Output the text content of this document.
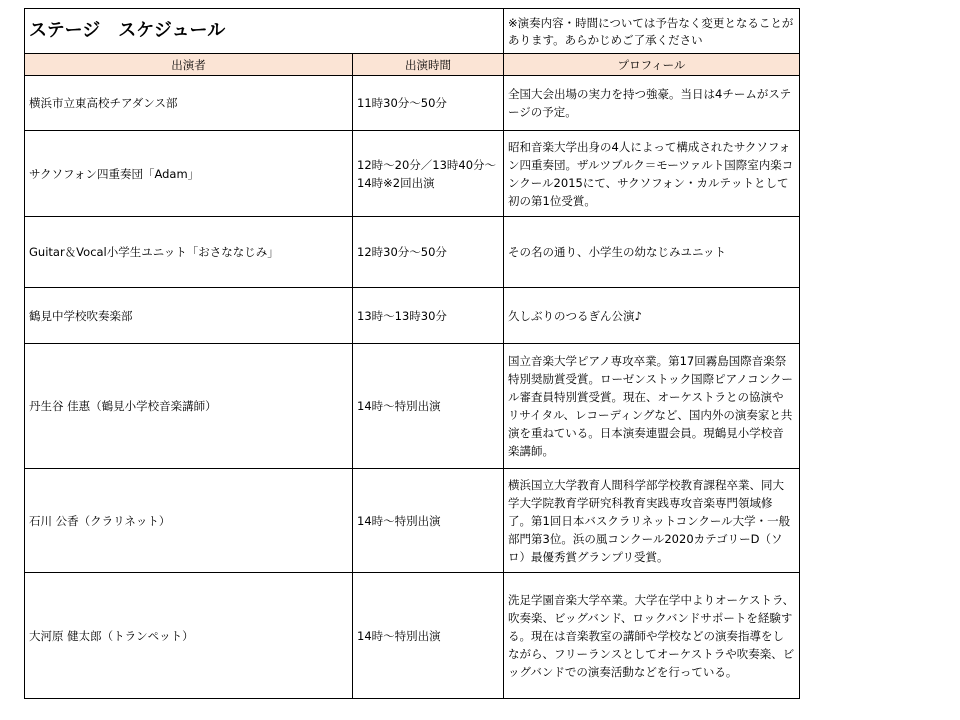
ステージ　スケジュール		※演奏内容・時間については予告なく変更となることがあります。あらかじめご了承ください
出演者	出演時間	プロフィール
横浜市立東高校チアダンス部	11時30分～50分	全国大会出場の実力を持つ強豪。当日は4チームがステージの予定。
サクソフォン四重奏団「Adam」	12時～20分／13時40分～14時※2回出演	昭和音楽大学出身の4人によって構成されたサクソフォン四重奏団。ザルツブルク＝モーツァルト国際室内楽コンクール2015にて、サクソフォン・カルテットとして初の第1位受賞。
Guitar＆Vocal小学生ユニット「おさななじみ」	12時30分～50分	その名の通り、小学生の幼なじみユニット
鶴見中学校吹奏楽部	13時～13時30分	久しぶりのつるぎん公演♪
丹生谷 佳惠（鶴見小学校音楽講師）	14時～特別出演	国立音楽大学ピアノ専攻卒業。第17回霧島国際音楽祭特別奨励賞受賞。ローゼンストック国際ピアノコンクール審査員特別賞受賞。現在、オーケストラとの協演やリサイタル、レコーディングなど、国内外の演奏家と共演を重ねている。日本演奏連盟会員。現鶴見小学校音楽講師。
石川 公香（クラリネット）	14時～特別出演	横浜国立大学教育人間科学部学校教育課程卒業、同大学大学院教育学研究科教育実践専攻音楽専門領域修了。第1回日本バスクラリネットコンクール大学・一般部門第3位。浜の風コンクール2020カテゴリーD（ソロ）最優秀賞グランプリ受賞。
大河原 健太郎（トランペット）	14時～特別出演	洗足学園音楽大学卒業。大学在学中よりオーケストラ、吹奏楽、ビッグバンド、ロックバンドサポートを経験する。現在は音楽教室の講師や学校などの演奏指導をしながら、フリーランスとしてオーケストラや吹奏楽、ビッグバンドでの演奏活動などを行っている。
